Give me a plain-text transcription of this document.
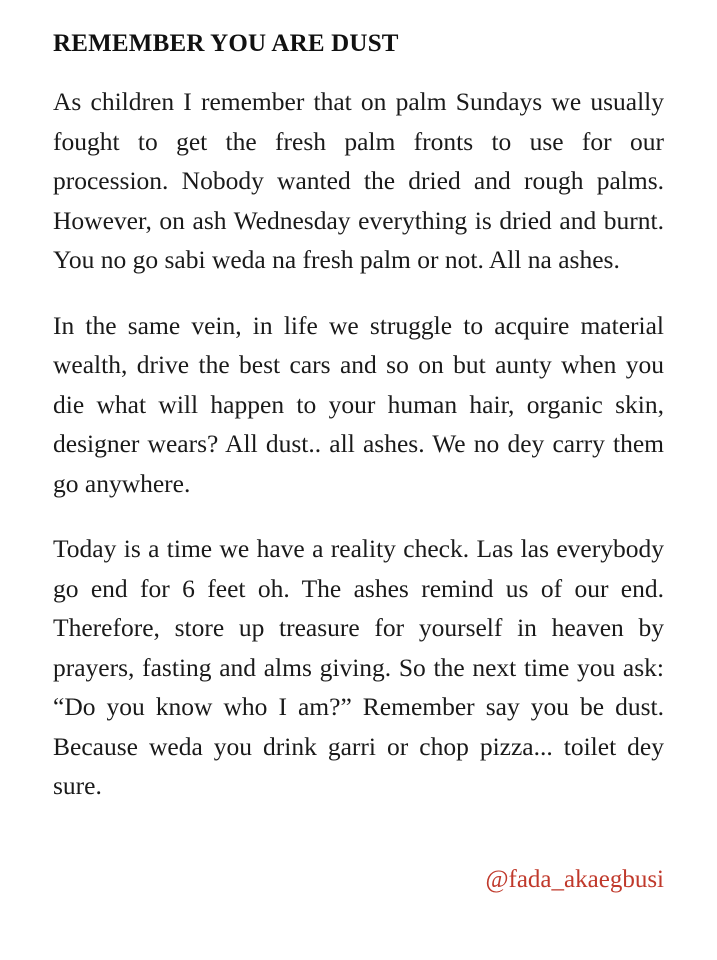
REMEMBER YOU ARE DUST

As children I remember that on palm Sundays we usually fought to get the fresh palm fronts to use for our procession. Nobody wanted the dried and rough palms. However, on ash Wednesday everything is dried and burnt. You no go sabi weda na fresh palm or not. All na ashes.

In the same vein, in life we struggle to acquire material wealth, drive the best cars and so on but aunty when you die what will happen to your human hair, organic skin, designer wears? All dust.. all ashes. We no dey carry them go anywhere.

Today is a time we have a reality check. Las las everybody go end for 6 feet oh. The ashes remind us of our end. Therefore, store up treasure for yourself in heaven by prayers, fasting and alms giving. So the next time you ask: “Do you know who I am?” Remember say you be dust. Because weda you drink garri or chop pizza... toilet dey sure.

@fada_akaegbusi
